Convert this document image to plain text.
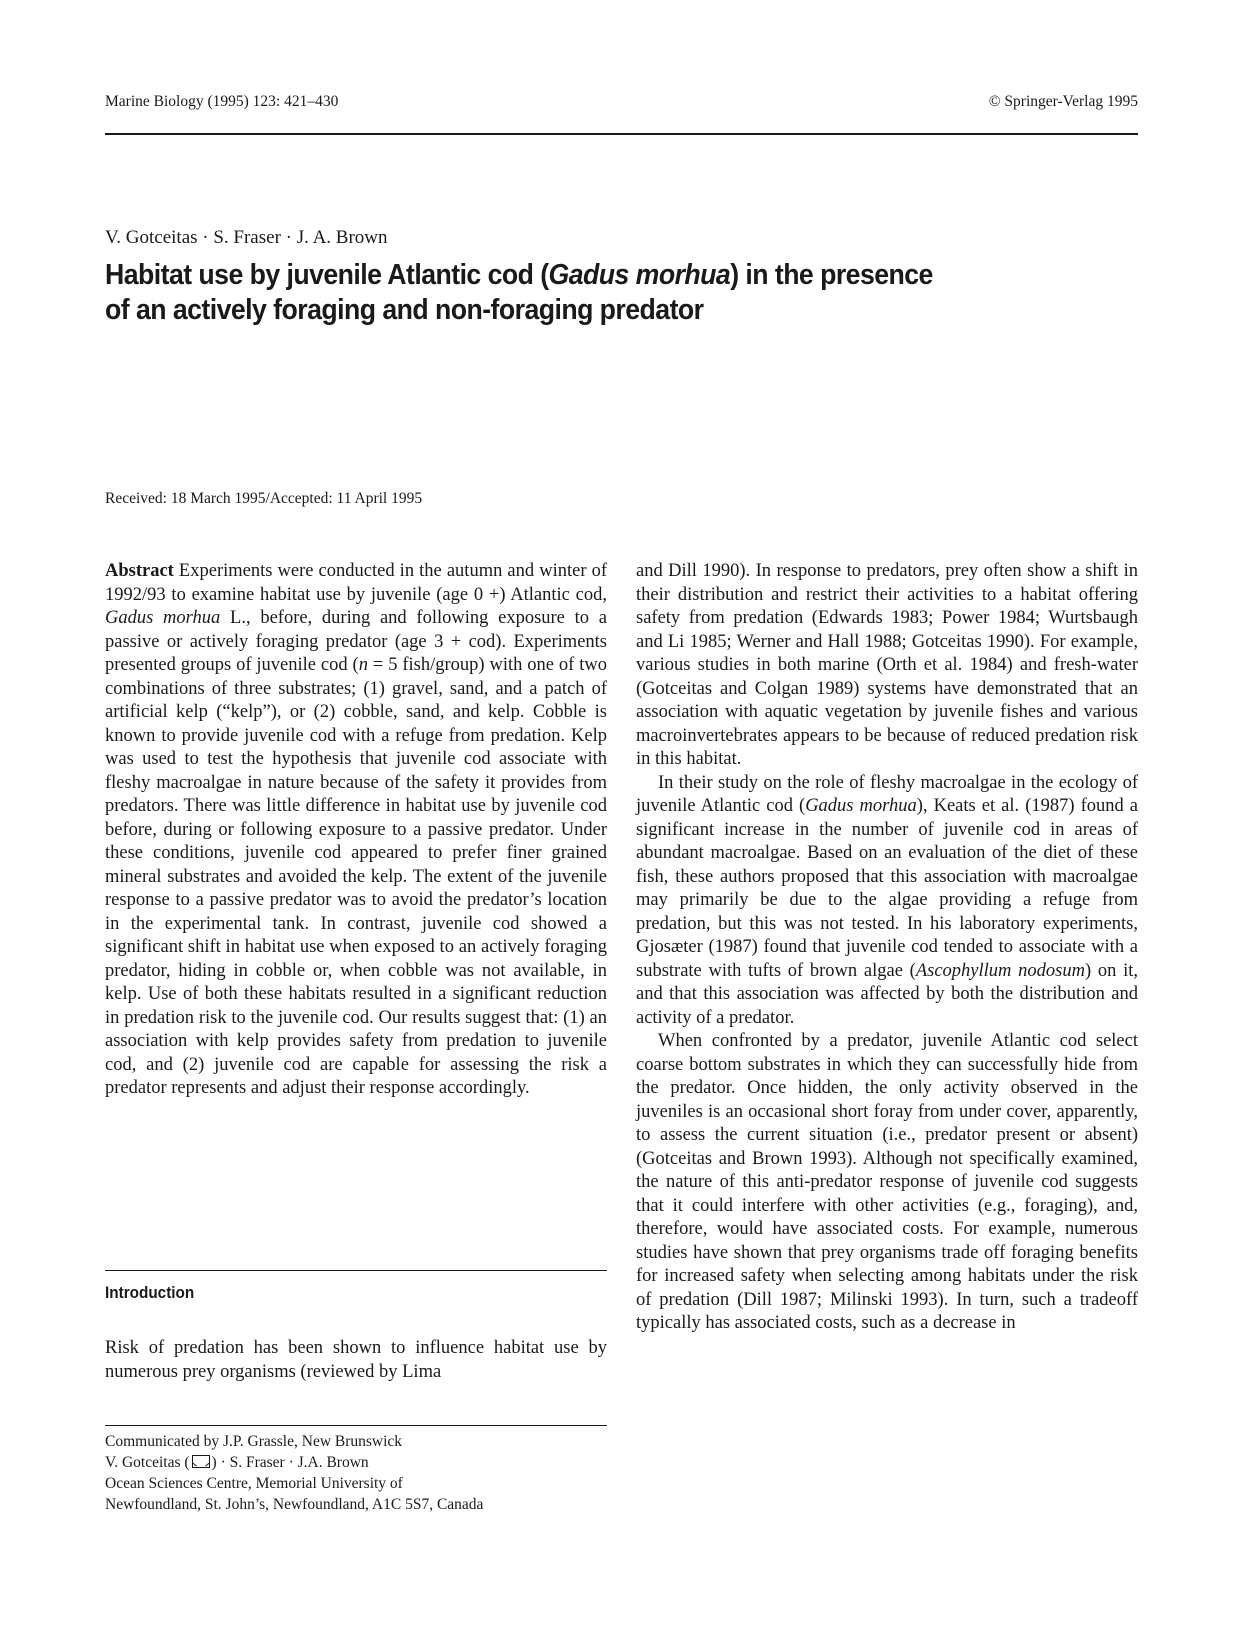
Marine Biology (1995) 123: 421–430	© Springer-Verlag 1995
V. Gotceitas · S. Fraser · J. A. Brown
Habitat use by juvenile Atlantic cod (Gadus morhua) in the presence
of an actively foraging and non-foraging predator
Received: 18 March 1995/Accepted: 11 April 1995

Abstract Experiments were conducted in the autumn and winter of 1992/93 to examine habitat use by juvenile (age 0 +) Atlantic cod, Gadus morhua L., before, during and following exposure to a passive or actively foraging predator (age 3 + cod). Experiments presented groups of juvenile cod (n = 5 fish/group) with one of two combinations of three substrates; (1) gravel, sand, and a patch of artificial kelp (“kelp”), or (2) cobble, sand, and kelp. Cobble is known to provide juvenile cod with a refuge from predation. Kelp was used to test the hypothesis that juvenile cod associate with fleshy macroalgae in nature because of the safety it provides from predators. There was little difference in habitat use by juvenile cod before, during or following exposure to a passive predator. Under these conditions, juvenile cod appeared to prefer finer grained mineral substrates and avoided the kelp. The extent of the juvenile response to a passive predator was to avoid the predator’s location in the experimental tank. In contrast, juvenile cod showed a significant shift in habitat use when exposed to an actively foraging predator, hiding in cobble or, when cobble was not available, in kelp. Use of both these habitats resulted in a significant reduction in predation risk to the juvenile cod. Our results suggest that: (1) an association with kelp provides safety from predation to juvenile cod, and (2) juvenile cod are capable for assessing the risk a predator represents and adjust their response accordingly.

Introduction

Risk of predation has been shown to influence habitat use by numerous prey organisms (reviewed by Lima

Communicated by J.P. Grassle, New Brunswick
V. Gotceitas ( ) · S. Fraser · J.A. Brown
Ocean Sciences Centre, Memorial University of
Newfoundland, St. John’s, Newfoundland, A1C 5S7, Canada

and Dill 1990). In response to predators, prey often show a shift in their distribution and restrict their activities to a habitat offering safety from predation (Edwards 1983; Power 1984; Wurtsbaugh and Li 1985; Werner and Hall 1988; Gotceitas 1990). For example, various studies in both marine (Orth et al. 1984) and fresh-water (Gotceitas and Colgan 1989) systems have demonstrated that an association with aquatic vegetation by juvenile fishes and various macroinvertebrates appears to be because of reduced predation risk in this habitat.

In their study on the role of fleshy macroalgae in the ecology of juvenile Atlantic cod (Gadus morhua), Keats et al. (1987) found a significant increase in the number of juvenile cod in areas of abundant macroalgae. Based on an evaluation of the diet of these fish, these authors proposed that this association with macroalgae may primarily be due to the algae providing a refuge from predation, but this was not tested. In his laboratory experiments, Gjosæter (1987) found that juvenile cod tended to associate with a substrate with tufts of brown algae (Ascophyllum nodosum) on it, and that this association was affected by both the distribution and activity of a predator.

When confronted by a predator, juvenile Atlantic cod select coarse bottom substrates in which they can successfully hide from the predator. Once hidden, the only activity observed in the juveniles is an occasional short foray from under cover, apparently, to assess the current situation (i.e., predator present or absent) (Gotceitas and Brown 1993). Although not specifically examined, the nature of this anti-predator response of juvenile cod suggests that it could interfere with other activities (e.g., foraging), and, therefore, would have associated costs. For example, numerous studies have shown that prey organisms trade off foraging benefits for increased safety when selecting among habitats under the risk of predation (Dill 1987; Milinski 1993). In turn, such a tradeoff typically has associated costs, such as a decrease in
